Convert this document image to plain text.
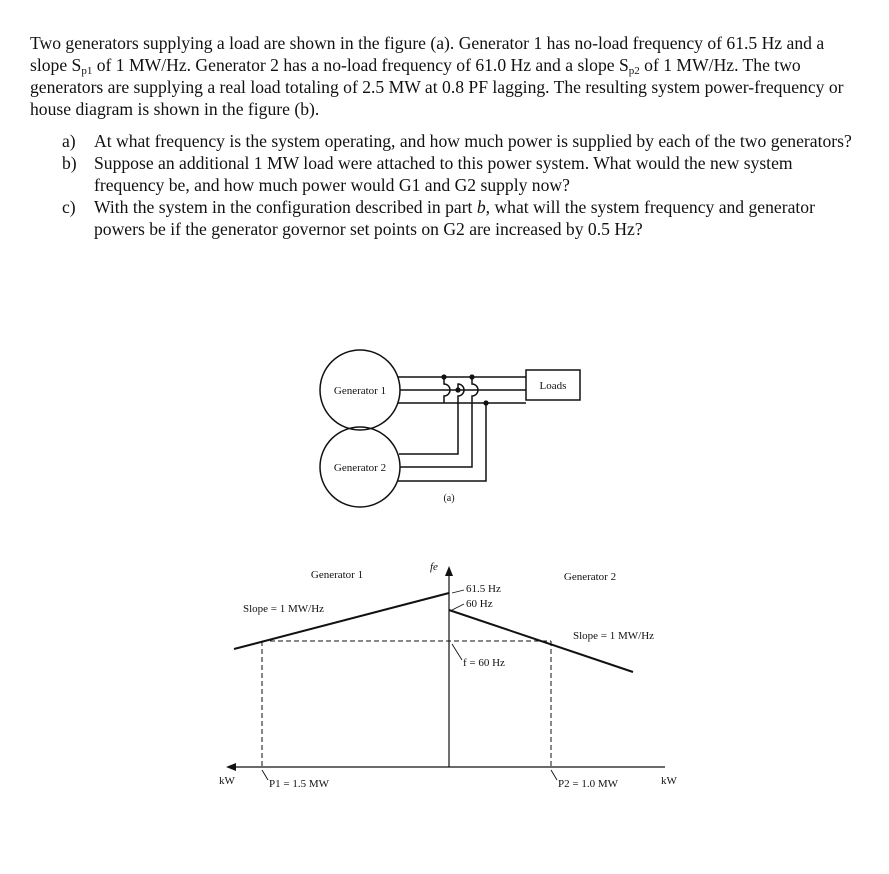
Two generators supplying a load are shown in the figure (a). Generator 1 has no-load frequency of 61.5 Hz and a slope $S_{p1}$ of 1 MW/Hz. Generator 2 has a no-load frequency of 61.0 Hz and a slope $S_{p2}$ of 1 MW/Hz. The two generators are supplying a real load totaling of 2.5 MW at 0.8 PF lagging. The resulting system power-frequency or house diagram is shown in the figure (b).

a) At what frequency is the system operating, and how much power is supplied by each of the two generators?
b) Suppose an additional 1 MW load were attached to this power system. What would the new system frequency be, and how much power would G1 and G2 supply now?
c) With the system in the configuration described in part b, what will the system frequency and generator powers be if the generator governor set points on G2 are increased by 0.5 Hz?
Generator 1
Generator 2
Loads
(a)
Generator 1	Generator 2
Slope = 1 MW/Hz
Slope = 1 MW/Hz
fe
61.5 Hz
60 Hz
f = 60 Hz
P1 = 1.5 MW	P2 = 1.0 MW
kW	kW
